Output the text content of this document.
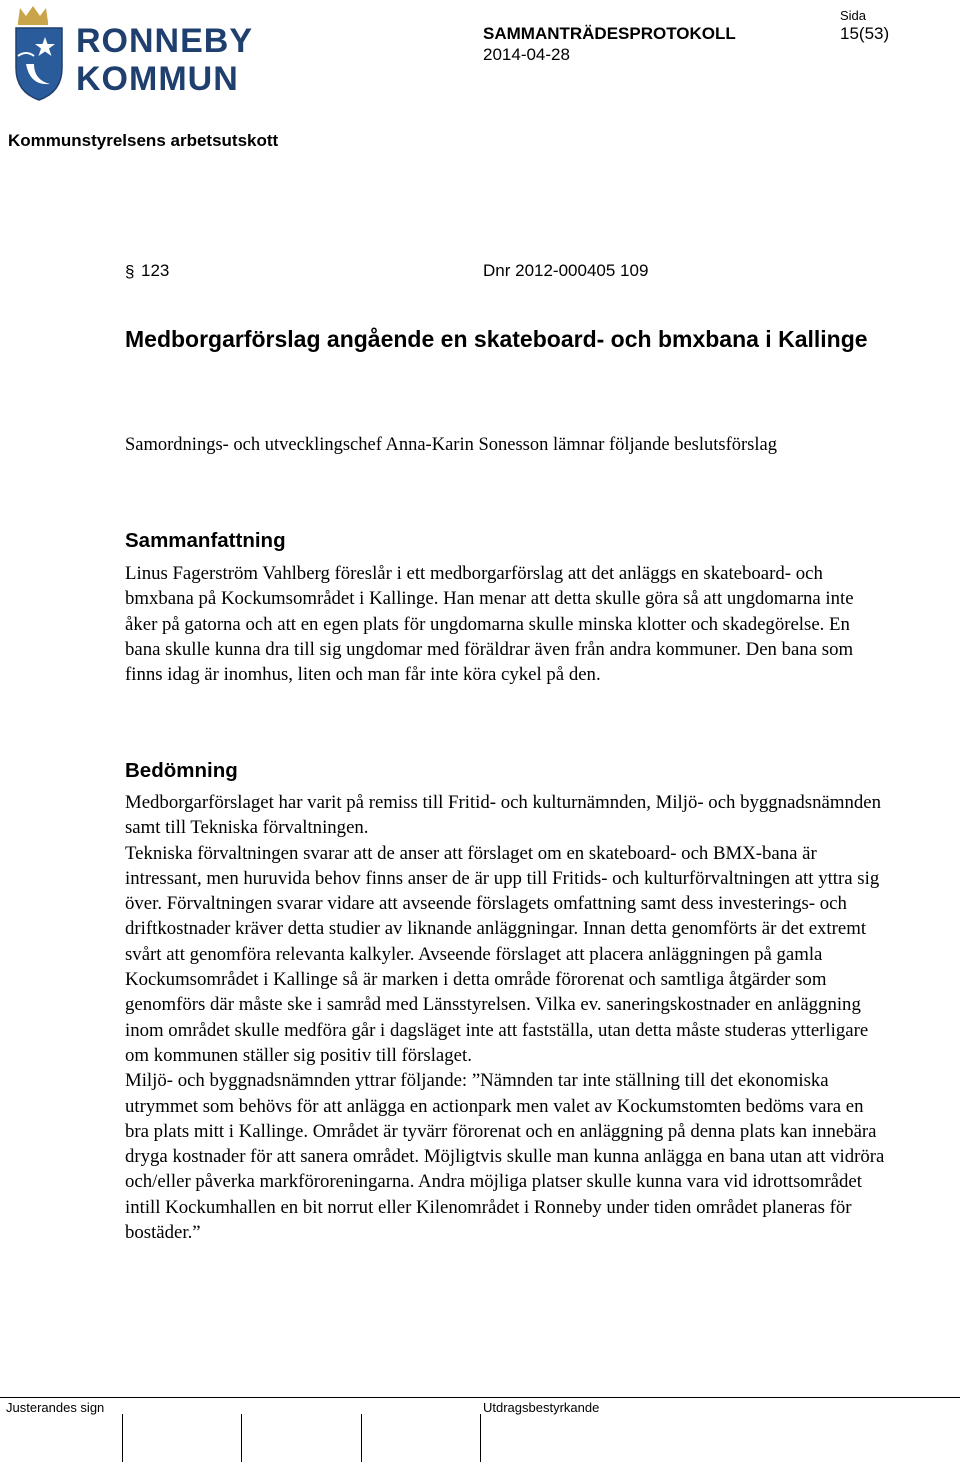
RONNEBY
KOMMUN
Sida
SAMMANTRÄDESPROTOKOLL	15(53)
2014-04-28
Kommunstyrelsens arbetsutskott
§ 123	Dnr 2012-000405 109
Medborgarförslag angående en skateboard- och bmxbana i Kallinge
Samordnings- och utvecklingschef Anna-Karin Sonesson lämnar följande beslutsförslag
Sammanfattning
Linus Fagerström Vahlberg föreslår i ett medborgarförslag att det anläggs en skateboard- och bmxbana på Kockumsområdet i Kallinge. Han menar att detta skulle göra så att ungdomarna inte åker på gatorna och att en egen plats för ungdomarna skulle minska klotter och skadegörelse. En bana skulle kunna dra till sig ungdomar med föräldrar även från andra kommuner. Den bana som finns idag är inomhus, liten och man får inte köra cykel på den.
Bedömning

Medborgarförslaget har varit på remiss till Fritid- och kulturnämnden, Miljö- och byggnadsnämnden samt till Tekniska förvaltningen.

Tekniska förvaltningen svarar att de anser att förslaget om en skateboard- och BMX-bana är intressant, men huruvida behov finns anser de är upp till Fritids- och kulturförvaltningen att yttra sig över. Förvaltningen svarar vidare att avseende förslagets omfattning samt dess investerings- och driftkostnader kräver detta studier av liknande anläggningar. Innan detta genomförts är det extremt svårt att genomföra relevanta kalkyler. Avseende förslaget att placera anläggningen på gamla Kockumsområdet i Kallinge så är marken i detta område förorenat och samtliga åtgärder som genomförs där måste ske i samråd med Länsstyrelsen. Vilka ev. saneringskostnader en anläggning inom området skulle medföra går i dagsläget inte att fastställa, utan detta måste studeras ytterligare om kommunen ställer sig positiv till förslaget.

Miljö- och byggnadsnämnden yttrar följande: ”Nämnden tar inte ställning till det ekonomiska utrymmet som behövs för att anlägga en actionpark men valet av Kockumstomten bedöms vara en bra plats mitt i Kallinge. Området är tyvärr förorenat och en anläggning på denna plats kan innebära dryga kostnader för att sanera området. Möjligtvis skulle man kunna anlägga en bana utan att vidröra och/eller påverka markföroreningarna. Andra möjliga platser skulle kunna vara vid idrottsområdet intill Kockumhallen en bit norrut eller Kilenområdet i Ronneby under tiden området planeras för bostäder.”

Justerandes sign	Utdragsbestyrkande
